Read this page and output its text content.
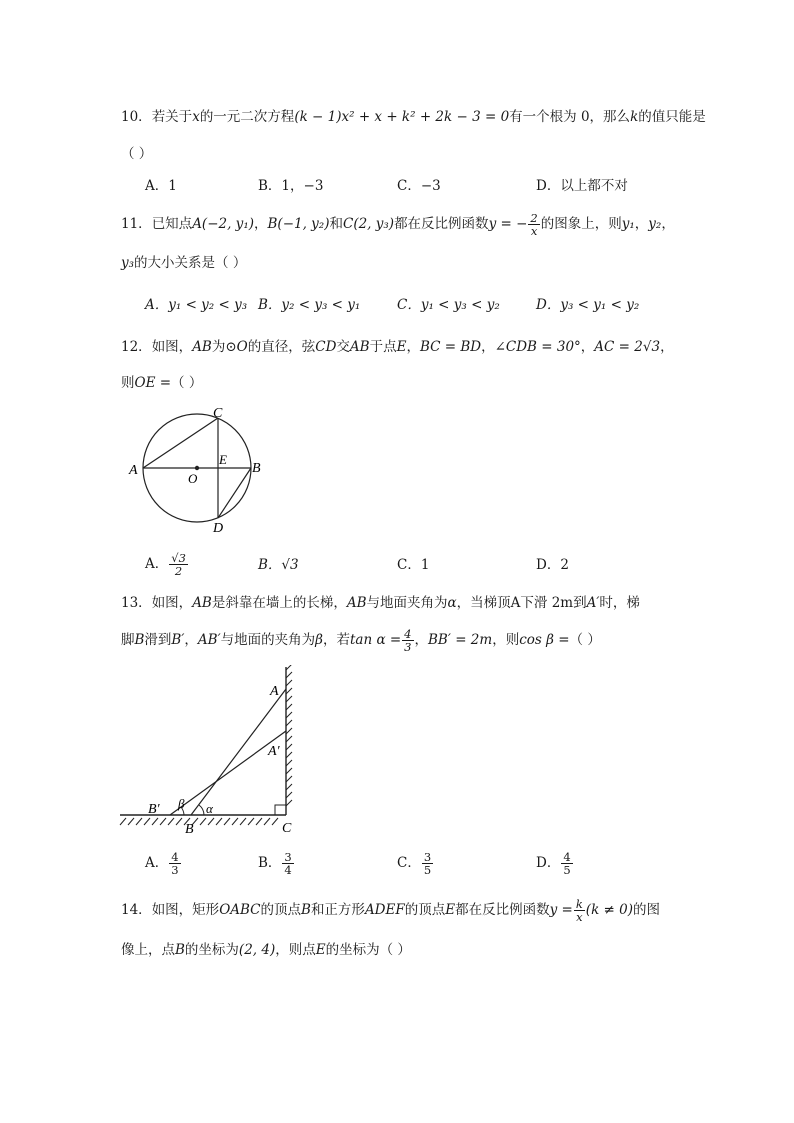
10．若关于x的一元二次方程(k − 1)x² + x + k² + 2k − 3 = 0有一个根为 0，那么k的值只能是
（ ）
A．1	B．1，−3	C．−3	D．以上都不对
11．已知点A(−2, y₁)，B(−1, y₂)和C(2, y₃)都在反比例函数y = − $\frac{2}{x}$ 的图象上，则y₁，y₂，
y₃的大小关系是（ ）
A．y₁ < y₂ < y₃ B．y₂ < y₃ < y₁	C．y₁ < y₃ < y₂	D．y₃ < y₁ < y₂
12．如图，AB为⊙O的直径，弦CD交AB于点E，BC = BD，∠CDB = 30°，AC = 2√3，
则OE =（ ）
A	B
C
D
E
O
A． $\frac{√3}{2}$	B．√3	C．1	D．2
13．如图，AB是斜靠在墙上的长梯，AB与地面夹角为α，当梯顶A下滑 2m到A′时，梯
脚B滑到B′，AB′与地面的夹角为β，若$\tan \alpha = \frac{4}{3}$ ，BB′ = 2m，则cos β =（ ）
A
A′
B
B′
C
α
β
A． $\frac{4}{3}$	B． $\frac{3}{4}$	C． $\frac{3}{5}$	D． $\frac{4}{5}$
14．如图，矩形OABC的顶点B和正方形ADEF的顶点E都在反比例函数$y = \frac{k}{x} (k \ne 0)$的图
像上，点B的坐标为(2, 4)，则点E的坐标为（ ）
